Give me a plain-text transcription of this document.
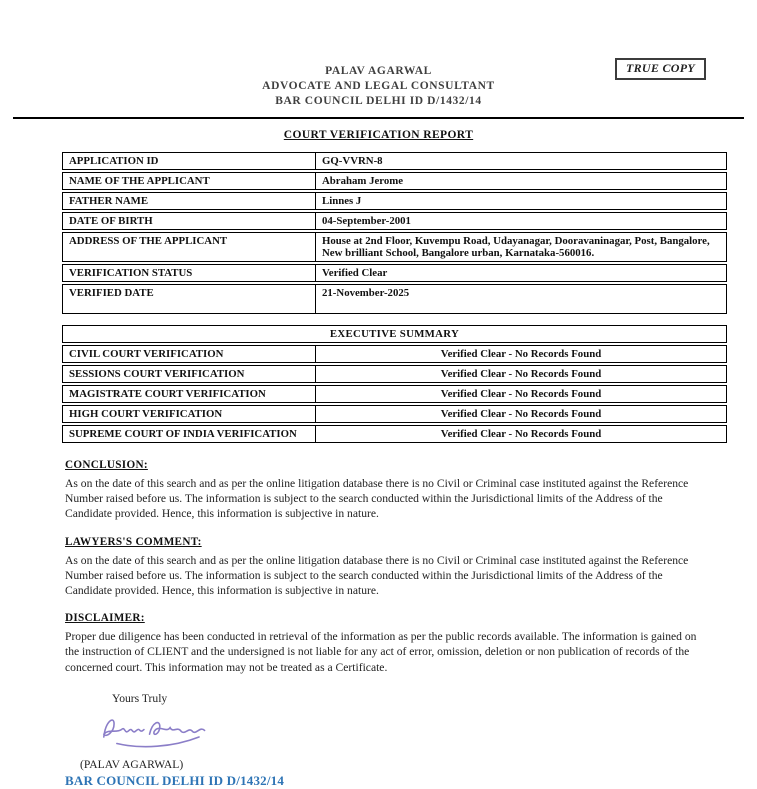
TRUE COPY
PALAV AGARWAL
ADVOCATE AND LEGAL CONSULTANT
BAR COUNCIL DELHI ID D/1432/14
COURT VERIFICATION REPORT
APPLICATION ID	GQ-VVRN-8
NAME OF THE APPLICANT	Abraham Jerome
FATHER NAME	Linnes J
DATE OF BIRTH	04-September-2001
ADDRESS OF THE APPLICANT	House at 2nd Floor, Kuvempu Road, Udayanagar, Dooravaninagar, Post, Bangalore, New brilliant School, Bangalore urban, Karnataka-560016.
VERIFICATION STATUS	Verified Clear
VERIFIED DATE	21-November-2025
EXECUTIVE SUMMARY	
CIVIL COURT VERIFICATION	Verified Clear - No Records Found
SESSIONS COURT VERIFICATION	Verified Clear - No Records Found
MAGISTRATE COURT VERIFICATION	Verified Clear - No Records Found
HIGH COURT VERIFICATION	Verified Clear - No Records Found
SUPREME COURT OF INDIA VERIFICATION	Verified Clear - No Records Found
CONCLUSION:
As on the date of this search and as per the online litigation database there is no Civil or Criminal case instituted against the Reference Number raised before us. The information is subject to the search conducted within the Jurisdictional limits of the Address of the Candidate provided. Hence, this information is subjective in nature.
LAWYERS'S COMMENT:
As on the date of this search and as per the online litigation database there is no Civil or Criminal case instituted against the Reference Number raised before us. The information is subject to the search conducted within the Jurisdictional limits of the Address of the Candidate provided. Hence, this information is subjective in nature.
DISCLAIMER:
Proper due diligence has been conducted in retrieval of the information as per the public records available. The information is gained on the instruction of CLIENT and the undersigned is not liable for any act of error, omission, deletion or non publication of records of the concerned court. This information may not be treated as a Certificate.
Yours Truly
(PALAV AGARWAL)
BAR COUNCIL DELHI ID D/1432/14
